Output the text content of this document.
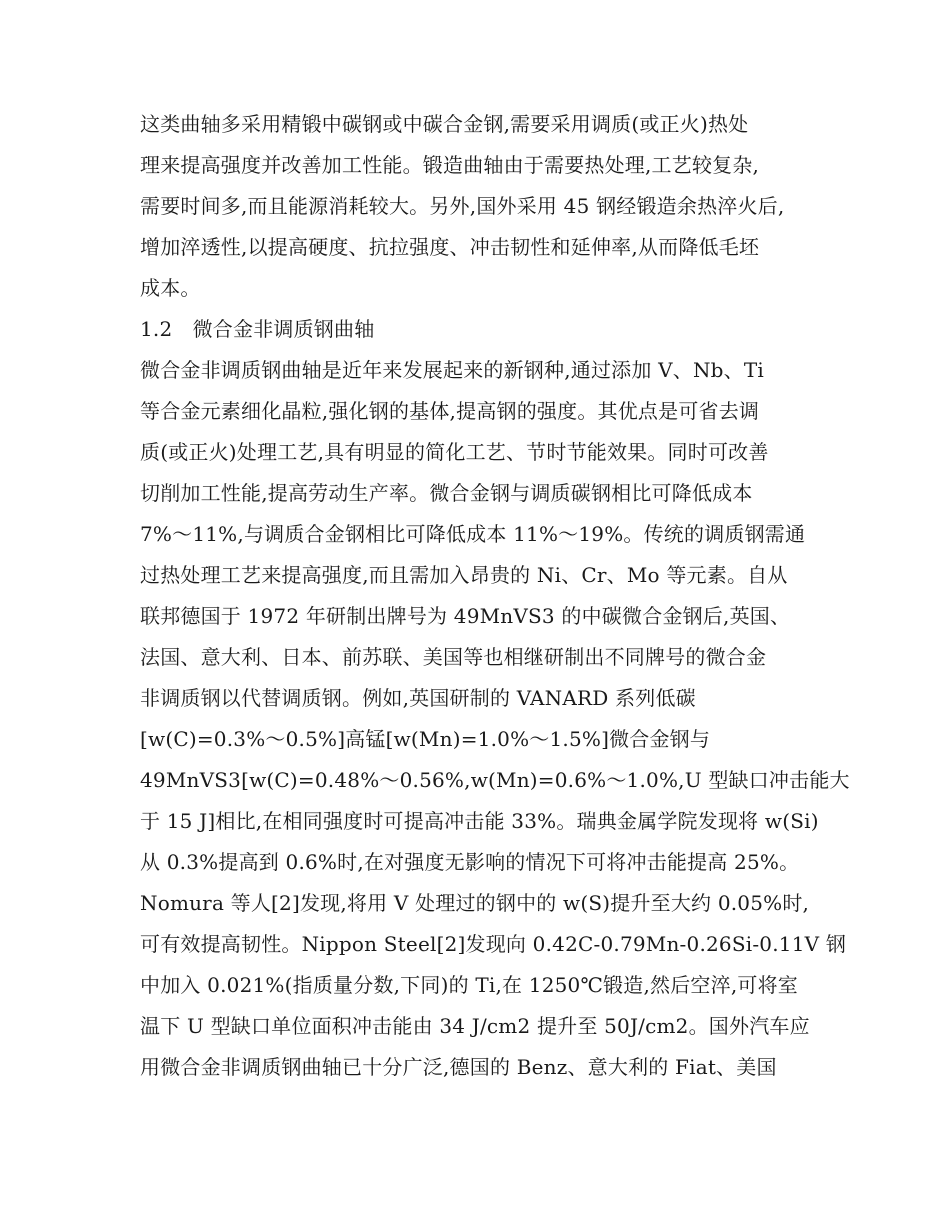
这类曲轴多采用精锻中碳钢或中碳合金钢,需要采用调质(或正火)热处
理来提高强度并改善加工性能。锻造曲轴由于需要热处理,工艺较复杂,
需要时间多,而且能源消耗较大。另外,国外采用 45 钢经锻造余热淬火后,
增加淬透性,以提高硬度、抗拉强度、冲击韧性和延伸率,从而降低毛坯
成本。
1.2　微合金非调质钢曲轴
微合金非调质钢曲轴是近年来发展起来的新钢种,通过添加 V、Nb、Ti
等合金元素细化晶粒,强化钢的基体,提高钢的强度。其优点是可省去调
质(或正火)处理工艺,具有明显的简化工艺、节时节能效果。同时可改善
切削加工性能,提高劳动生产率。微合金钢与调质碳钢相比可降低成本
7%～11%,与调质合金钢相比可降低成本 11%～19%。传统的调质钢需通
过热处理工艺来提高强度,而且需加入昂贵的 Ni、Cr、Mo 等元素。自从
联邦德国于 1972 年研制出牌号为 49MnVS3 的中碳微合金钢后,英国、
法国、意大利、日本、前苏联、美国等也相继研制出不同牌号的微合金
非调质钢以代替调质钢。例如,英国研制的 VANARD 系列低碳
[w(C)=0.3%～0.5%]高锰[w(Mn)=1.0%～1.5%]微合金钢与
49MnVS3[w(C)=0.48%～0.56%,w(Mn)=0.6%～1.0%,U 型缺口冲击能大
于 15 J]相比,在相同强度时可提高冲击能 33%。瑞典金属学院发现将 w(Si)
从 0.3%提高到 0.6%时,在对强度无影响的情况下可将冲击能提高 25%。
Nomura 等人[2]发现,将用 V 处理过的钢中的 w(S)提升至大约 0.05%时,
可有效提高韧性。Nippon Steel[2]发现向 0.42C-0.79Mn-0.26Si-0.11V 钢
中加入 0.021%(指质量分数,下同)的 Ti,在 1250℃锻造,然后空淬,可将室
温下 U 型缺口单位面积冲击能由 34 J/cm2 提升至 50J/cm2。国外汽车应
用微合金非调质钢曲轴已十分广泛,德国的 Benz、意大利的 Fiat、美国
